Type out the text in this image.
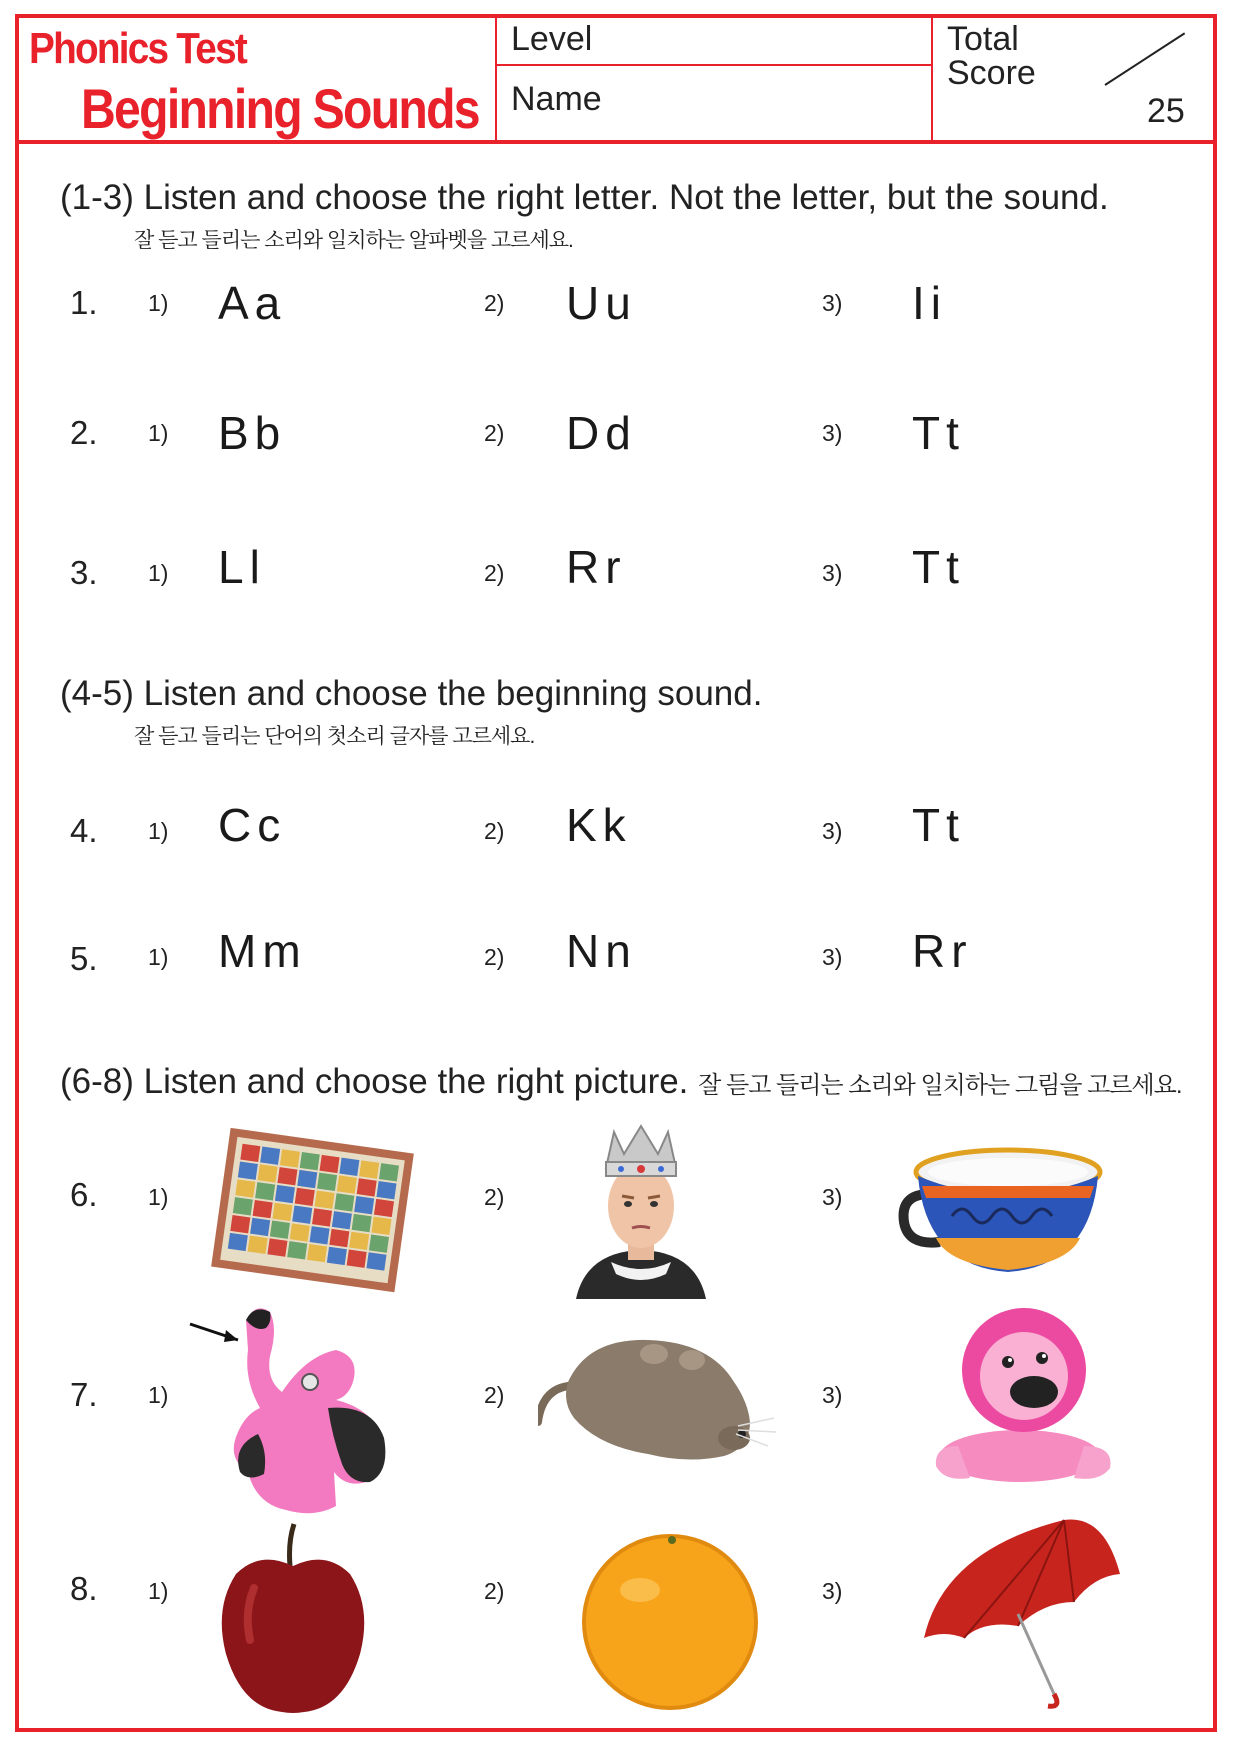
Phonics Test
Beginning Sounds
Level
Name
Total
Score
25
(1-3) Listen and choose the right letter. Not the letter, but the sound.
잘 듣고 들리는 소리와 일치하는 알파벳을 고르세요.
1. 1) Aa	2) Uu	3) Ii
2. 1) Bb	2) Dd	3) Tt
3. 1) Ll	2) Rr	3) Tt
(4-5) Listen and choose the beginning sound.
잘 듣고 들리는 단어의 첫소리 글자를 고르세요.
4. 1) Cc	2) Kk	3) Tt
5. 1) Mm	2) Nn	3) Rr
(6-8) Listen and choose the right picture. 잘 듣고 들리는 소리와 일치하는 그림을 고르세요.
6. 1)	2)	3)
7. 1)	2)	3)
8. 1)	2)	3)
